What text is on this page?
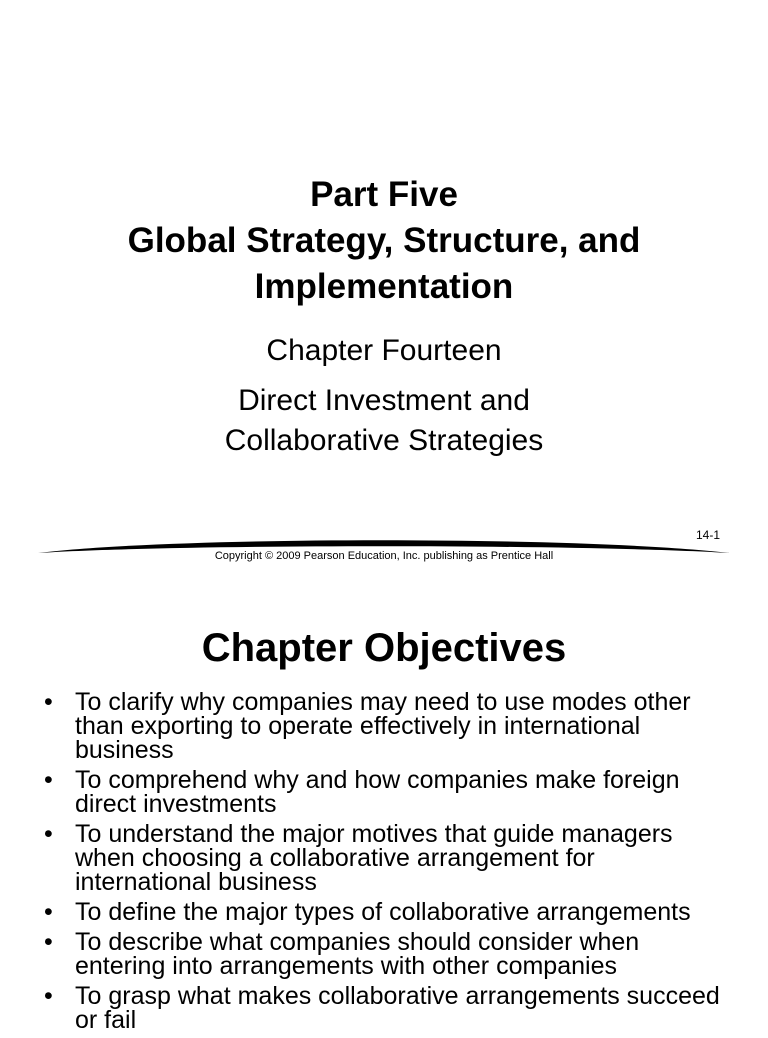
Part Five
Global Strategy, Structure, and
Implementation
Chapter Fourteen
Direct Investment and
Collaborative Strategies
14-1
Copyright © 2009 Pearson Education, Inc. publishing as Prentice Hall
Chapter Objectives
• To clarify why companies may need to use modes other than exporting to operate effectively in international business
• To comprehend why and how companies make foreign direct investments
• To understand the major motives that guide managers when choosing a collaborative arrangement for international business
• To define the major types of collaborative arrangements
• To describe what companies should consider when entering into arrangements with other companies
• To grasp what makes collaborative arrangements succeed or fail
